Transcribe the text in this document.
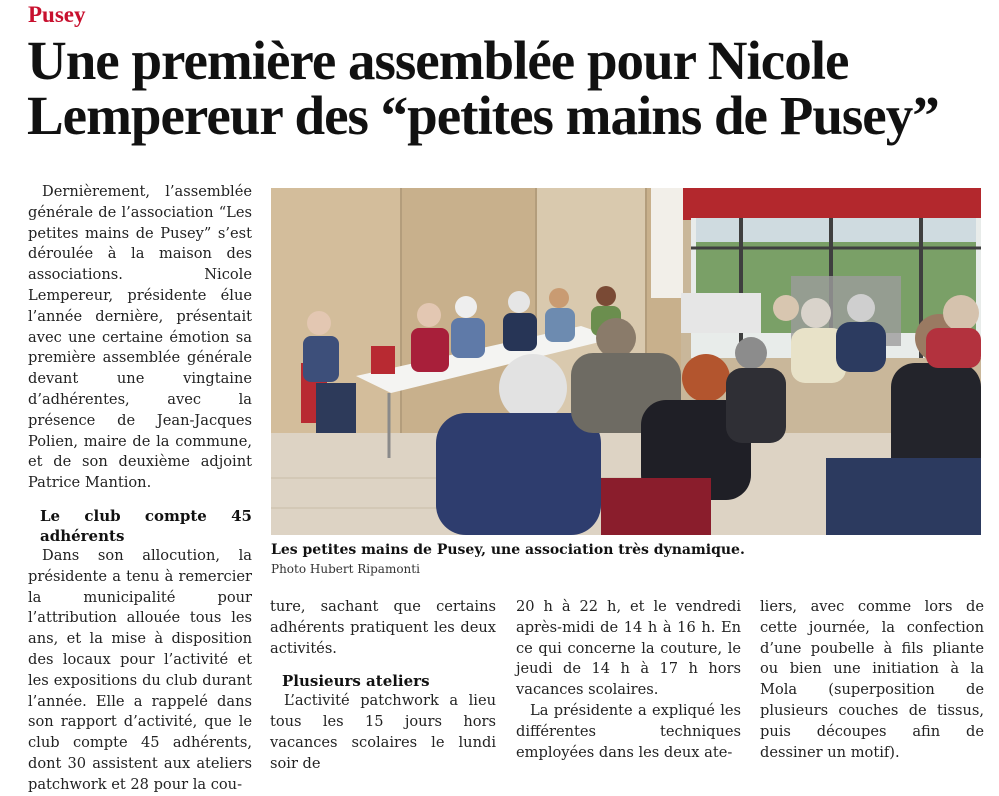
Pusey
Une première assemblée pour Nicole Lempereur des “petites mains de Pusey”

Dernièrement, l’assemblée générale de l’association “Les petites mains de Pusey” s’est déroulée à la maison des associations. Nicole Lempereur, présidente élue l’année dernière, présentait avec une certaine émotion sa première assemblée générale devant une vingtaine d’adhérentes, avec la présence de Jean-Jacques Polien, maire de la commune, et de son deuxième adjoint Patrice Mantion.

Le club compte 45 adhérents

Dans son allocution, la présidente a tenu à remercier la municipalité pour l’attribution allouée tous les ans, et la mise à disposition des locaux pour l’activité et les expositions du club durant l’année. Elle a rappelé dans son rapport d’activité, que le club compte 45 adhérents, dont 30 assistent aux ateliers patchwork et 28 pour la cou-

Les petites mains de Pusey, une association très dynamique.
Photo Hubert Ripamonti

ture, sachant que certains adhérents pratiquent les deux activités.

Plusieurs ateliers

L’activité patchwork a lieu tous les 15 jours hors vacances scolaires le lundi soir de

20 h à 22 h, et le vendredi après-midi de 14 h à 16 h. En ce qui concerne la couture, le jeudi de 14 h à 17 h hors vacances scolaires.

La présidente a expliqué les différentes techniques employées dans les deux ate-

liers, avec comme lors de cette journée, la confection d’une poubelle à fils pliante ou bien une initiation à la Mola (superposition de plusieurs couches de tissus, puis découpes afin de dessiner un motif).
